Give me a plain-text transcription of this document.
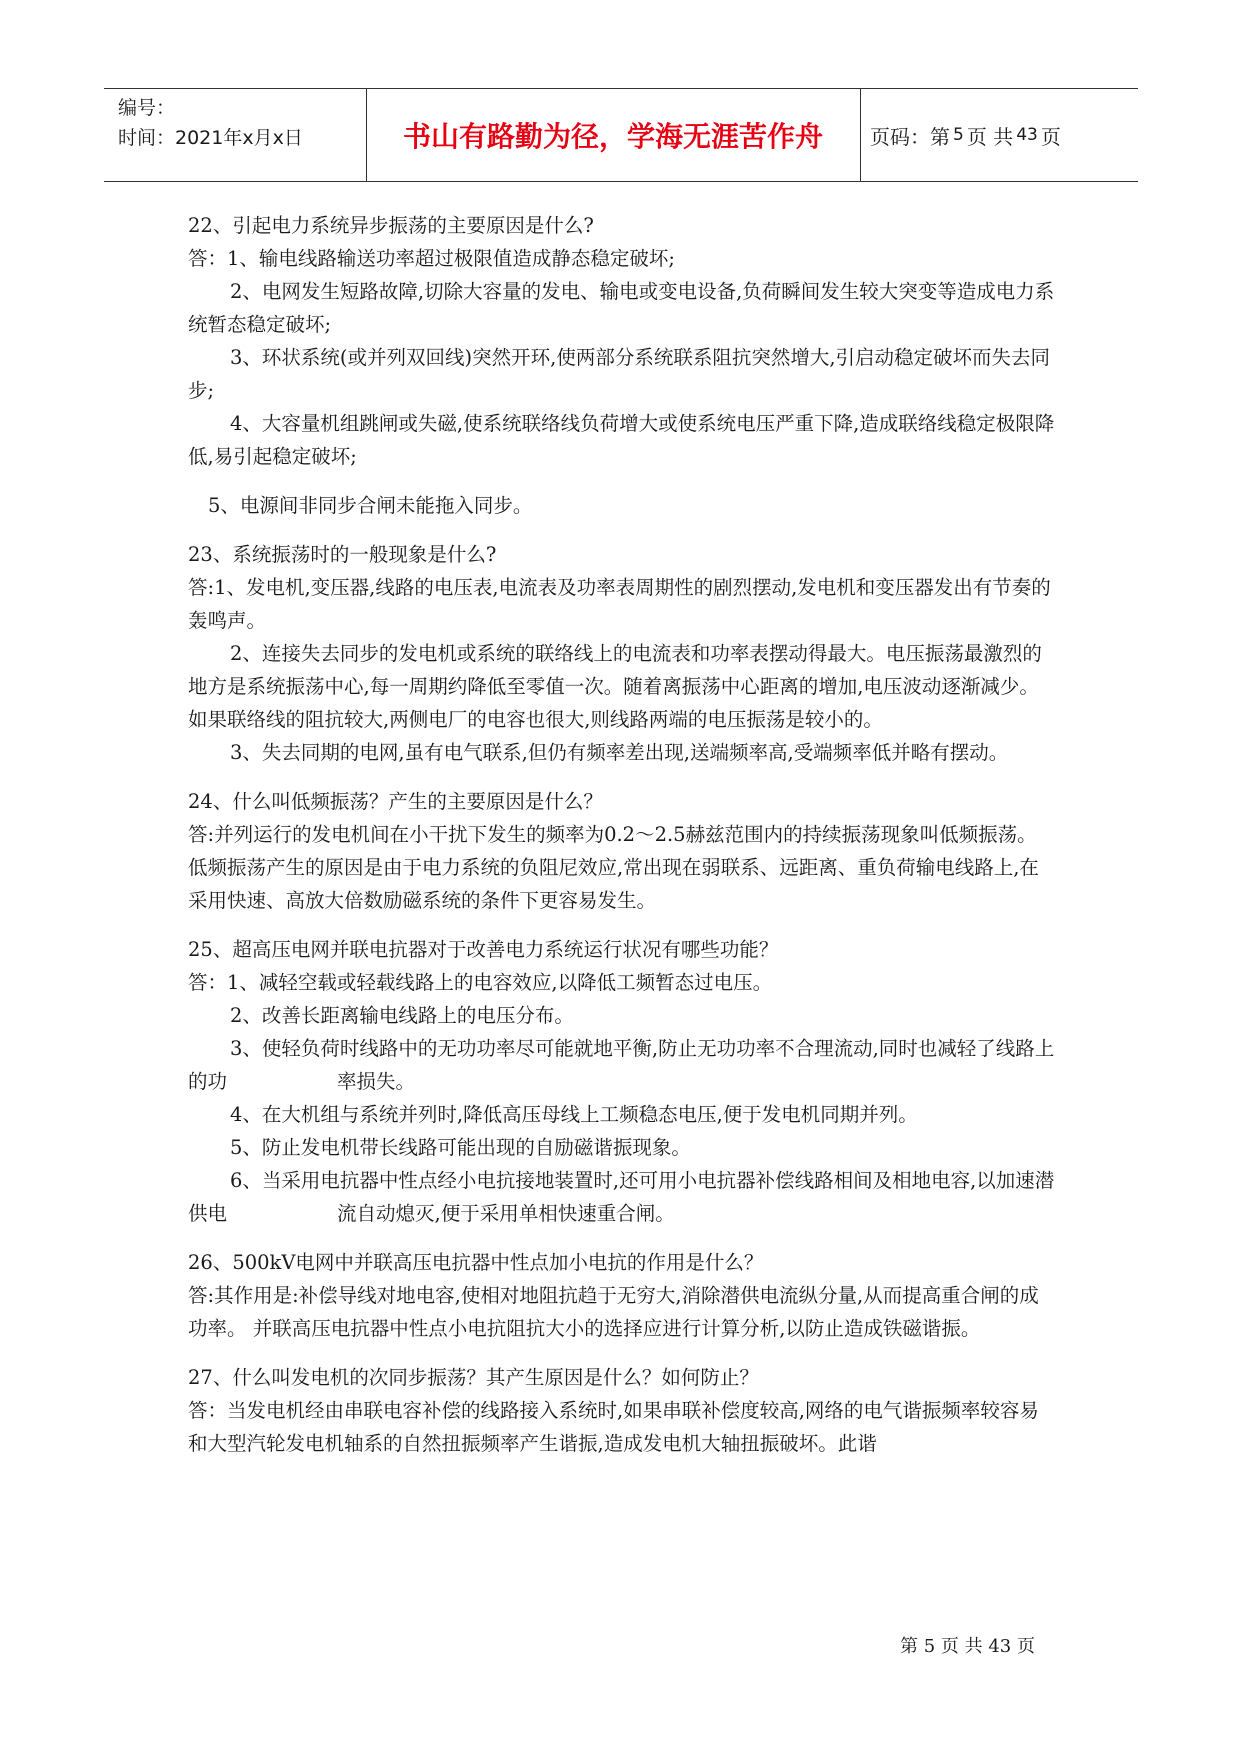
编号：
时间：2021年x月x日	书山有路勤为径，学海无涯苦作舟	页码：第 5 页 共 43 页

22、引起电力系统异步振荡的主要原因是什么?

答：1、输电线路输送功率超过极限值造成静态稳定破坏;

2、电网发生短路故障,切除大容量的发电、输电或变电设备,负荷瞬间发生较大突变等造成电力系统暂态稳定破坏;

3、环状系统(或并列双回线)突然开环,使两部分系统联系阻抗突然增大,引启动稳定破坏而失去同步;

4、大容量机组跳闸或失磁,使系统联络线负荷增大或使系统电压严重下降,造成联络线稳定极限降低,易引起稳定破坏;

5、电源间非同步合闸未能拖入同步。

23、系统振荡时的一般现象是什么?

答:1、发电机,变压器,线路的电压表,电流表及功率表周期性的剧烈摆动,发电机和变压器发出有节奏的轰鸣声。

2、连接失去同步的发电机或系统的联络线上的电流表和功率表摆动得最大。电压振荡最激烈的地方是系统振荡中心,每一周期约降低至零值一次。随着离振荡中心距离的增加,电压波动逐渐减少。如果联络线的阻抗较大,两侧电厂的电容也很大,则线路两端的电压振荡是较小的。

3、失去同期的电网,虽有电气联系,但仍有频率差出现,送端频率高,受端频率低并略有摆动。

24、什么叫低频振荡？产生的主要原因是什么？

答:并列运行的发电机间在小干扰下发生的频率为0.2～2.5赫兹范围内的持续振荡现象叫低频振荡。

低频振荡产生的原因是由于电力系统的负阻尼效应,常出现在弱联系、远距离、重负荷输电线路上,在采用快速、高放大倍数励磁系统的条件下更容易发生。

25、超高压电网并联电抗器对于改善电力系统运行状况有哪些功能？

答：1、减轻空载或轻载线路上的电容效应,以降低工频暂态过电压。

2、改善长距离输电线路上的电压分布。

3、使轻负荷时线路中的无功功率尽可能就地平衡,防止无功功率不合理流动,同时也减轻了线路上的功	率损失。

4、在大机组与系统并列时,降低高压母线上工频稳态电压,便于发电机同期并列。

5、防止发电机带长线路可能出现的自励磁谐振现象。

6、当采用电抗器中性点经小电抗接地装置时,还可用小电抗器补偿线路相间及相地电容,以加速潜供电	流自动熄灭,便于采用单相快速重合闸。

26、500kV电网中并联高压电抗器中性点加小电抗的作用是什么？

答:其作用是:补偿导线对地电容,使相对地阻抗趋于无穷大,消除潜供电流纵分量,从而提高重合闸的成功率。 并联高压电抗器中性点小电抗阻抗大小的选择应进行计算分析,以防止造成铁磁谐振。

27、什么叫发电机的次同步振荡？其产生原因是什么？如何防止？

答：当发电机经由串联电容补偿的线路接入系统时,如果串联补偿度较高,网络的电气谐振频率较容易和大型汽轮发电机轴系的自然扭振频率产生谐振,造成发电机大轴扭振破坏。此谐

第 5 页 共 43 页
